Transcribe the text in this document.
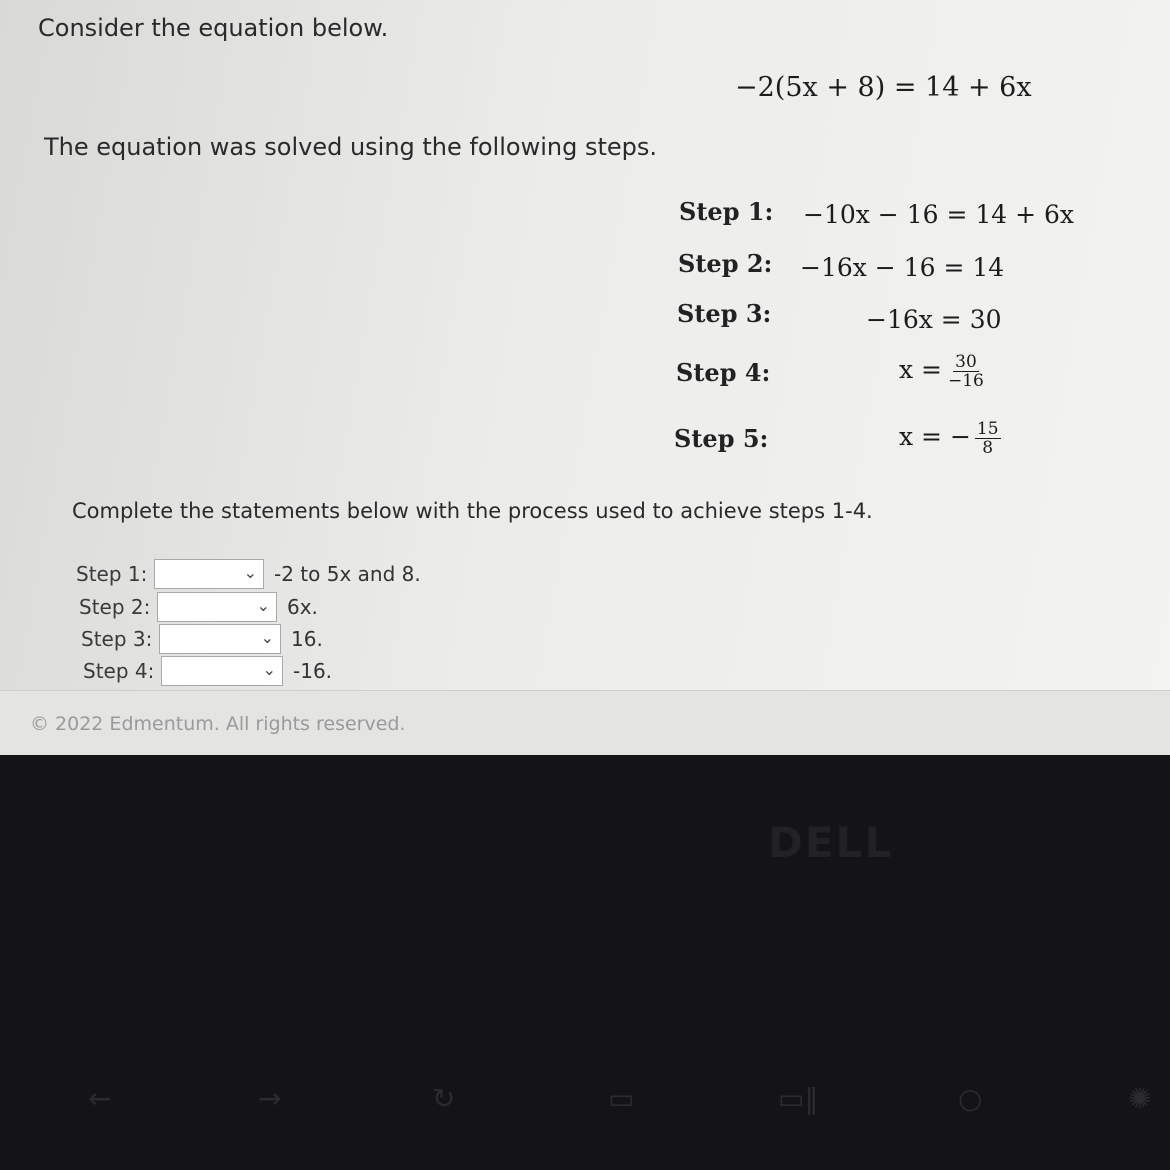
Consider the equation below.
−2(5x + 8) = 14 + 6x
The equation was solved using the following steps.
Step 1: −10x − 16 = 14 + 6x
Step 2: −16x − 16 = 14
Step 3:	−16x = 30
Step 4:	$x = \frac{30}{-16}$
Step 5:	x = − $\frac{15}{8}$
Complete the statements below with the process used to achieve steps 1-4.
Step 1:	⌄ -2 to 5x and 8.
Step 2:	⌄ 6x.
Step 3:	⌄ 16.
Step 4:	⌄ -16.
© 2022 Edmentum. All rights reserved.
DELL
←	→	↻	▭	▭‖	○	✺
